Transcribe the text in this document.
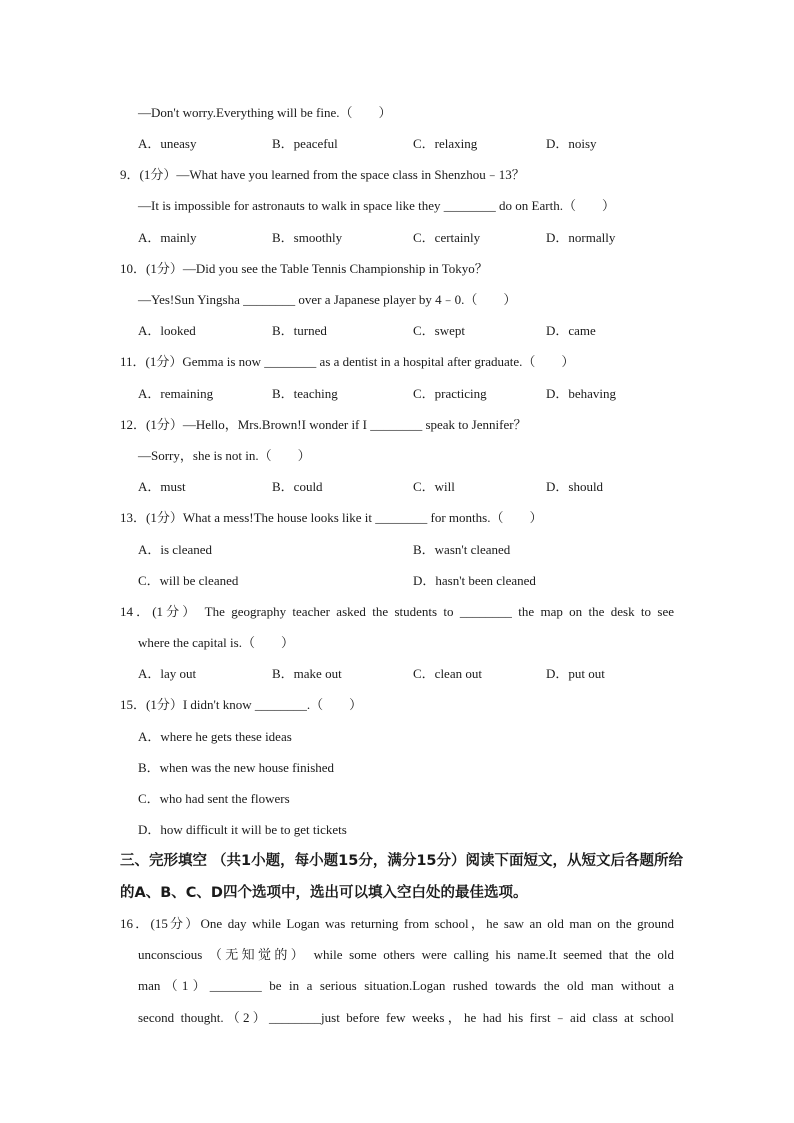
—Don't worry.Everything will be fine.（　　）
A．uneasy	B．peaceful	C．relaxing	D．noisy
9．(1分）—What have you learned from the space class in Shenzhou﹣13？
—It is impossible for astronauts to walk in space like they ________ do on Earth.（　　）
A．mainly	B．smoothly	C．certainly	D．normally
10．(1分）—Did you see the Table Tennis Championship in Tokyo？
—Yes!Sun Yingsha ________ over a Japanese player by 4﹣0.（　　）
A．looked	B．turned	C．swept	D．came
11．(1分）Gemma is now ________ as a dentist in a hospital after graduate.（　　）
A．remaining	B．teaching	C．practicing	D．behaving
12．(1分）—Hello，Mrs.Brown!I wonder if I ________ speak to Jennifer？
—Sorry，she is not in.（　　）
A．must	B．could	C．will	D．should
13．(1分）What a mess!The house looks like it ________ for months.（　　）
A．is cleaned	B．wasn't cleaned
C．will be cleaned	D．hasn't been cleaned
14．(1分） The geography teacher asked the students to ________ the map on the desk to see
where the capital is.（　　）
A．lay out	B．make out	C．clean out	D．put out
15．(1分）I didn't know ________.（　　）
A．where he gets these ideas
B．when was the new house finished
C．who had sent the flowers
D．how difficult it will be to get tickets
三、完形填空 （共1小题，每小题15分，满分15分）阅读下面短文，从短文后各题所给
的A、B、C、D四个选项中，选出可以填入空白处的最佳选项。
16．(15分）One day while Logan was returning from school，he saw an old man on the ground
unconscious （无知觉的） while some others were calling his name.It seemed that the old
man（1）________ be in a serious situation.Logan rushed towards the old man without a
second thought.（2）________just before few weeks，he had his first﹣aid class at school
